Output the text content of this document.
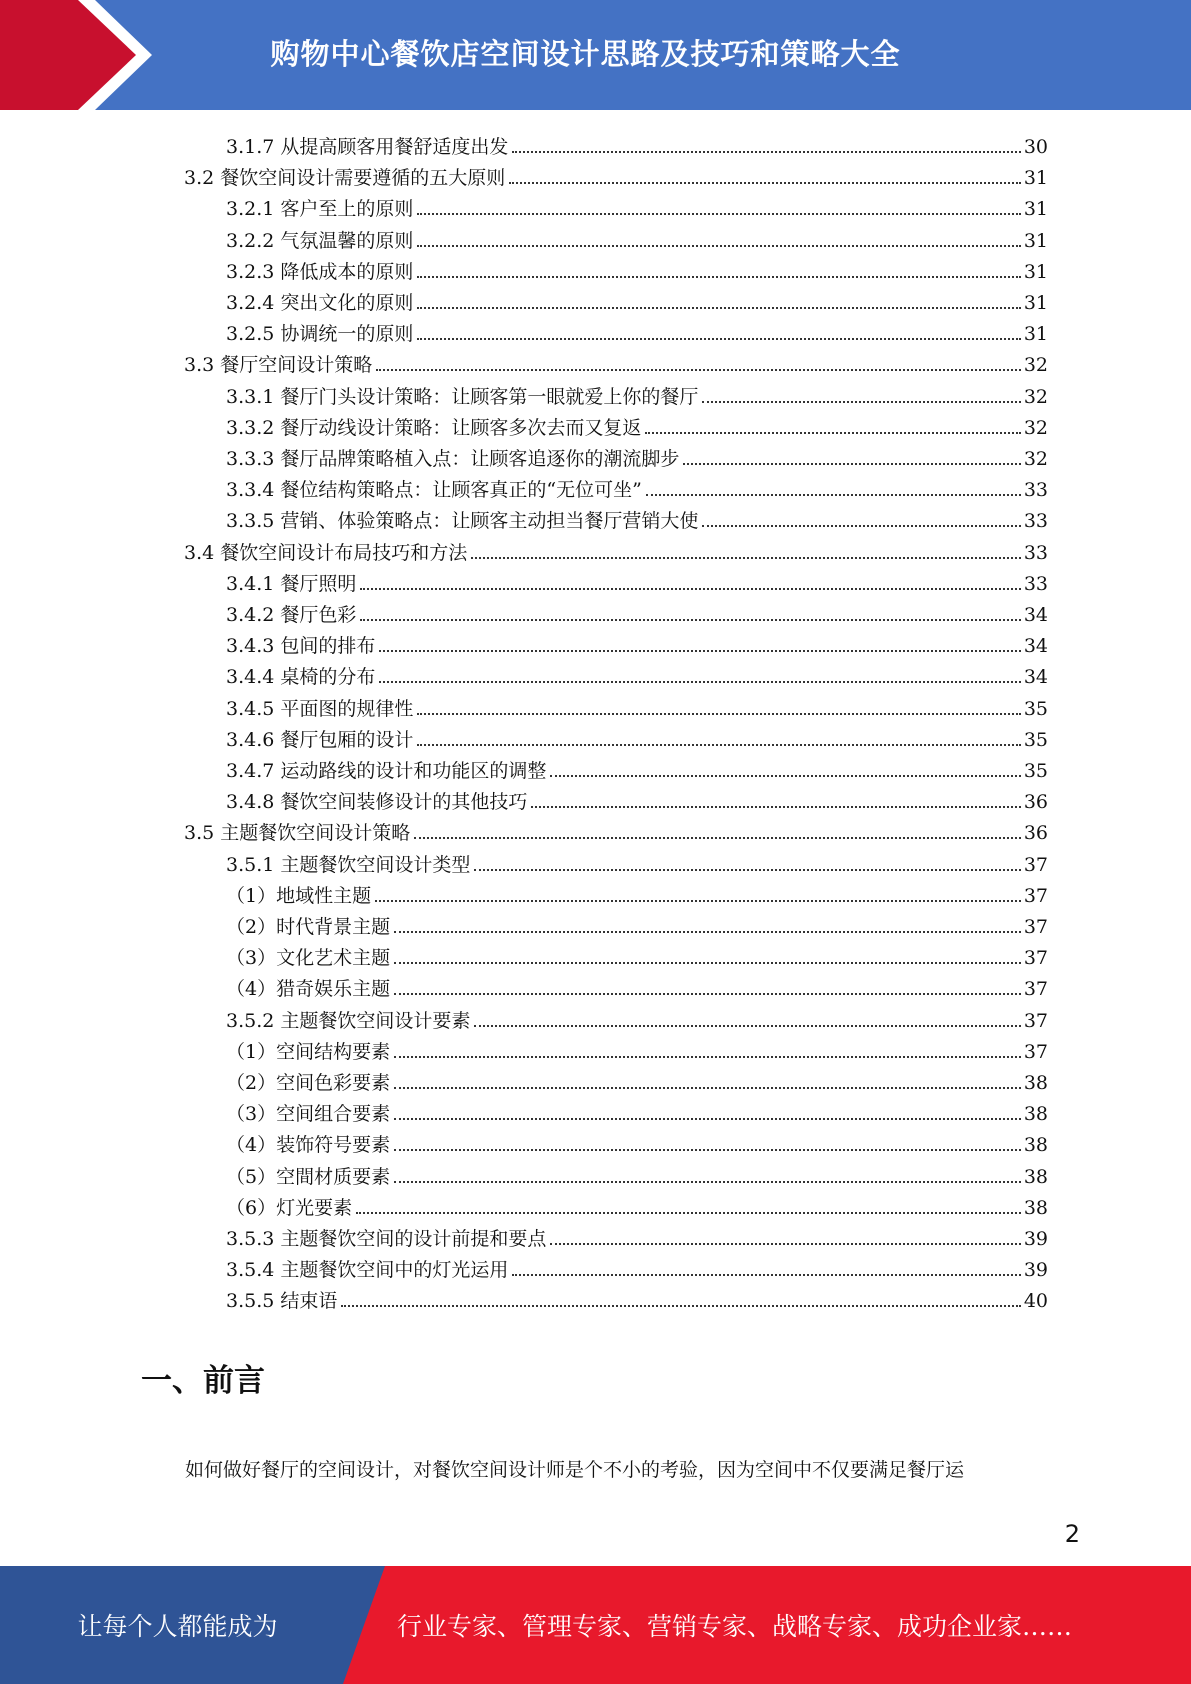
购物中心餐饮店空间设计思路及技巧和策略大全
3.1.7 从提高顾客用餐舒适度出发	30
3.2 餐饮空间设计需要遵循的五大原则	31
3.2.1 客户至上的原则	31
3.2.2 气氛温馨的原则	31
3.2.3 降低成本的原则	31
3.2.4 突出文化的原则	31
3.2.5 协调统一的原则	31
3.3 餐厅空间设计策略	32
3.3.1 餐厅门头设计策略：让顾客第一眼就爱上你的餐厅	32
3.3.2 餐厅动线设计策略：让顾客多次去而又复返	32
3.3.3 餐厅品牌策略植入点：让顾客追逐你的潮流脚步	32
3.3.4 餐位结构策略点：让顾客真正的“无位可坐”	33
3.3.5 营销、体验策略点：让顾客主动担当餐厅营销大使	33
3.4 餐饮空间设计布局技巧和方法	33
3.4.1 餐厅照明	33
3.4.2 餐厅色彩	34
3.4.3 包间的排布	34
3.4.4 桌椅的分布	34
3.4.5 平面图的规律性	35
3.4.6 餐厅包厢的设计	35
3.4.7 运动路线的设计和功能区的调整	35
3.4.8 餐饮空间装修设计的其他技巧	36
3.5 主题餐饮空间设计策略	36
3.5.1 主题餐饮空间设计类型	37
（1）地域性主题	37
（2）时代背景主题	37
（3）文化艺术主题	37
（4）猎奇娱乐主题	37
3.5.2 主题餐饮空间设计要素	37
（1）空间结构要素	37
（2）空间色彩要素	38
（3）空间组合要素	38
（4）装饰符号要素	38
（5）空間材质要素	38
（6）灯光要素	38
3.5.3 主题餐饮空间的设计前提和要点	39
3.5.4 主题餐饮空间中的灯光运用	39
3.5.5 结束语	40
一、前言
如何做好餐厅的空间设计，对餐饮空间设计师是个不小的考验，因为空间中不仅要满足餐厅运
2
让每个人都能成为	行业专家、管理专家、营销专家、战略专家、成功企业家……
